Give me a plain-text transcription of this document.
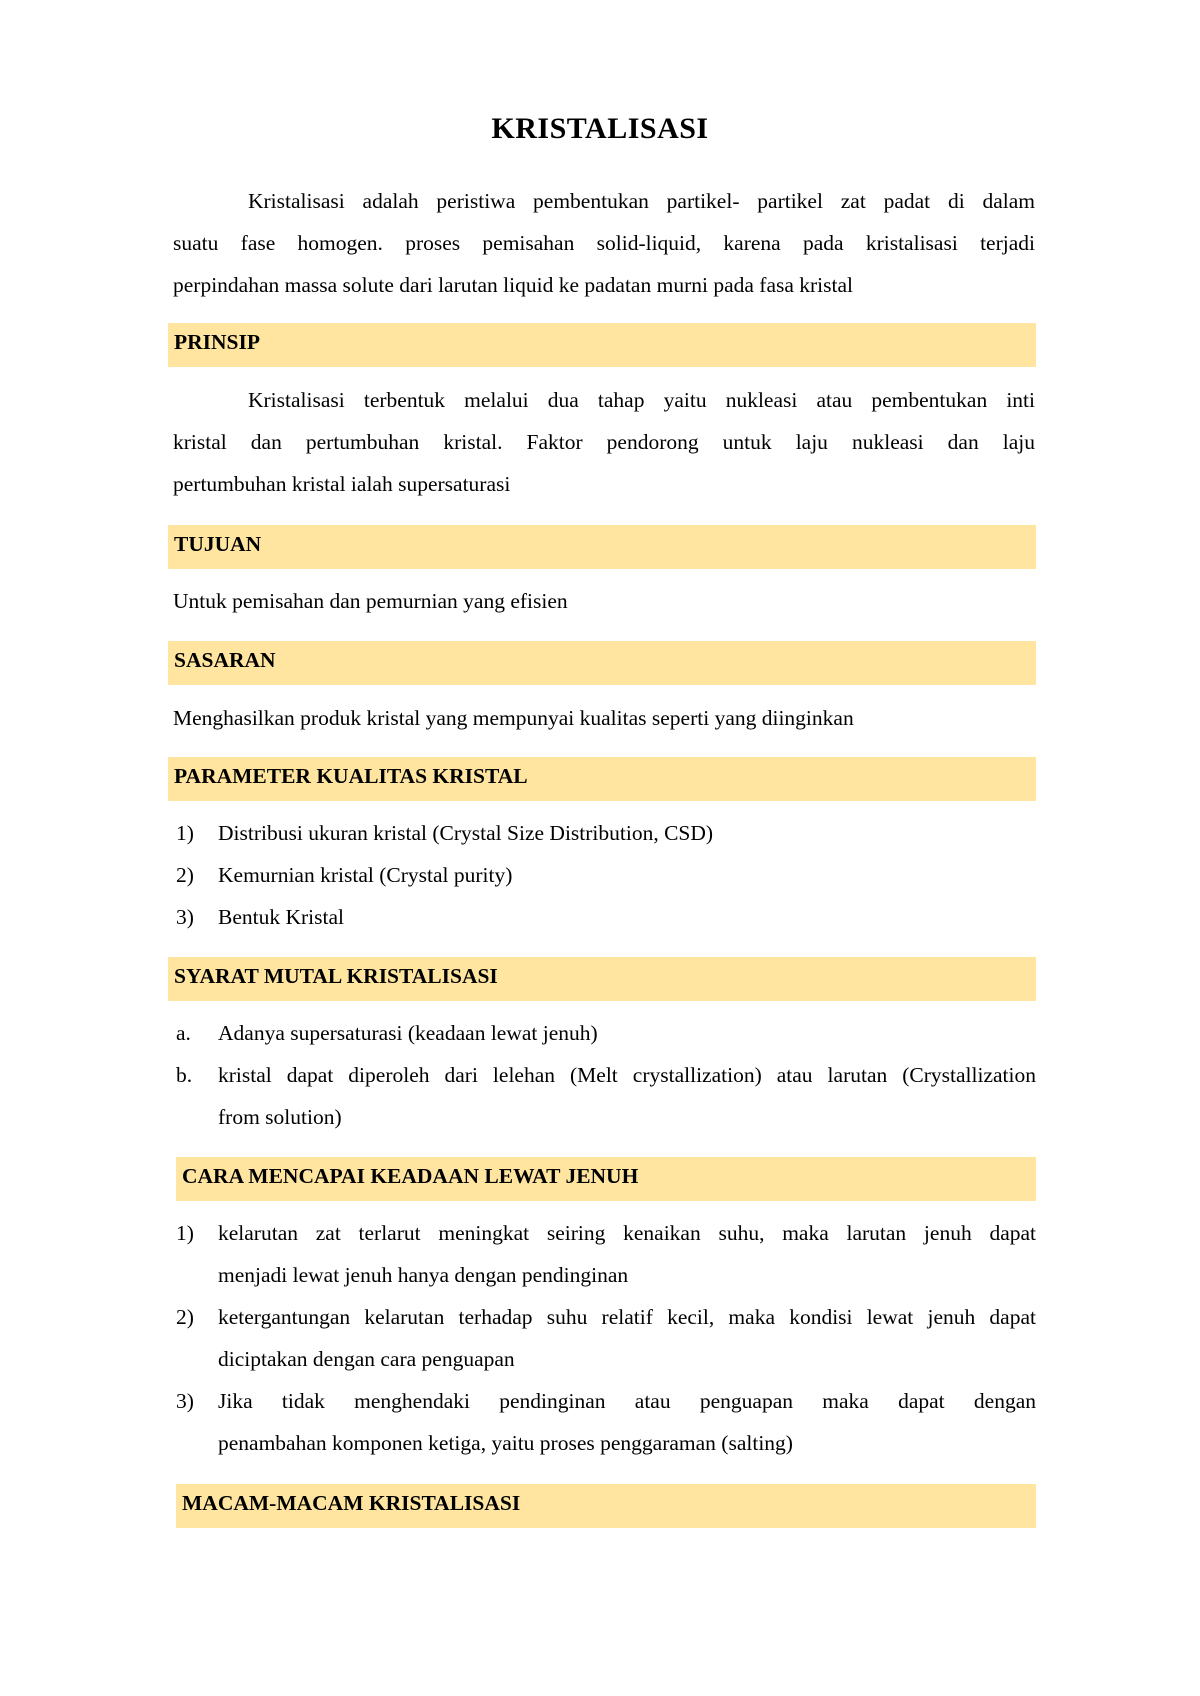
KRISTALISASI
Kristalisasi adalah peristiwa pembentukan partikel- partikel zat padat di dalam
suatu fase homogen. proses pemisahan solid-liquid, karena pada kristalisasi terjadi
perpindahan massa solute dari larutan liquid ke padatan murni pada fasa kristal
PRINSIP
Kristalisasi terbentuk melalui dua tahap yaitu nukleasi atau pembentukan inti
kristal dan pertumbuhan kristal. Faktor pendorong untuk laju nukleasi dan laju
pertumbuhan kristal ialah supersaturasi
TUJUAN
Untuk pemisahan dan pemurnian yang efisien
SASARAN
Menghasilkan produk kristal yang mempunyai kualitas seperti yang diinginkan
PARAMETER KUALITAS KRISTAL
1) Distribusi ukuran kristal (Crystal Size Distribution, CSD)
2) Kemurnian kristal (Crystal purity)
3) Bentuk Kristal
SYARAT MUTAL KRISTALISASI
a. Adanya supersaturasi (keadaan lewat jenuh)
b. kristal dapat diperoleh dari lelehan (Melt crystallization) atau larutan (Crystallization
from solution)
CARA MENCAPAI KEADAAN LEWAT JENUH
1) kelarutan zat terlarut meningkat seiring kenaikan suhu, maka larutan jenuh dapat
menjadi lewat jenuh hanya dengan pendinginan
2) ketergantungan kelarutan terhadap suhu relatif kecil, maka kondisi lewat jenuh dapat
diciptakan dengan cara penguapan
3) Jika tidak menghendaki pendinginan atau penguapan maka dapat dengan
penambahan komponen ketiga, yaitu proses penggaraman (salting)
MACAM-MACAM KRISTALISASI
